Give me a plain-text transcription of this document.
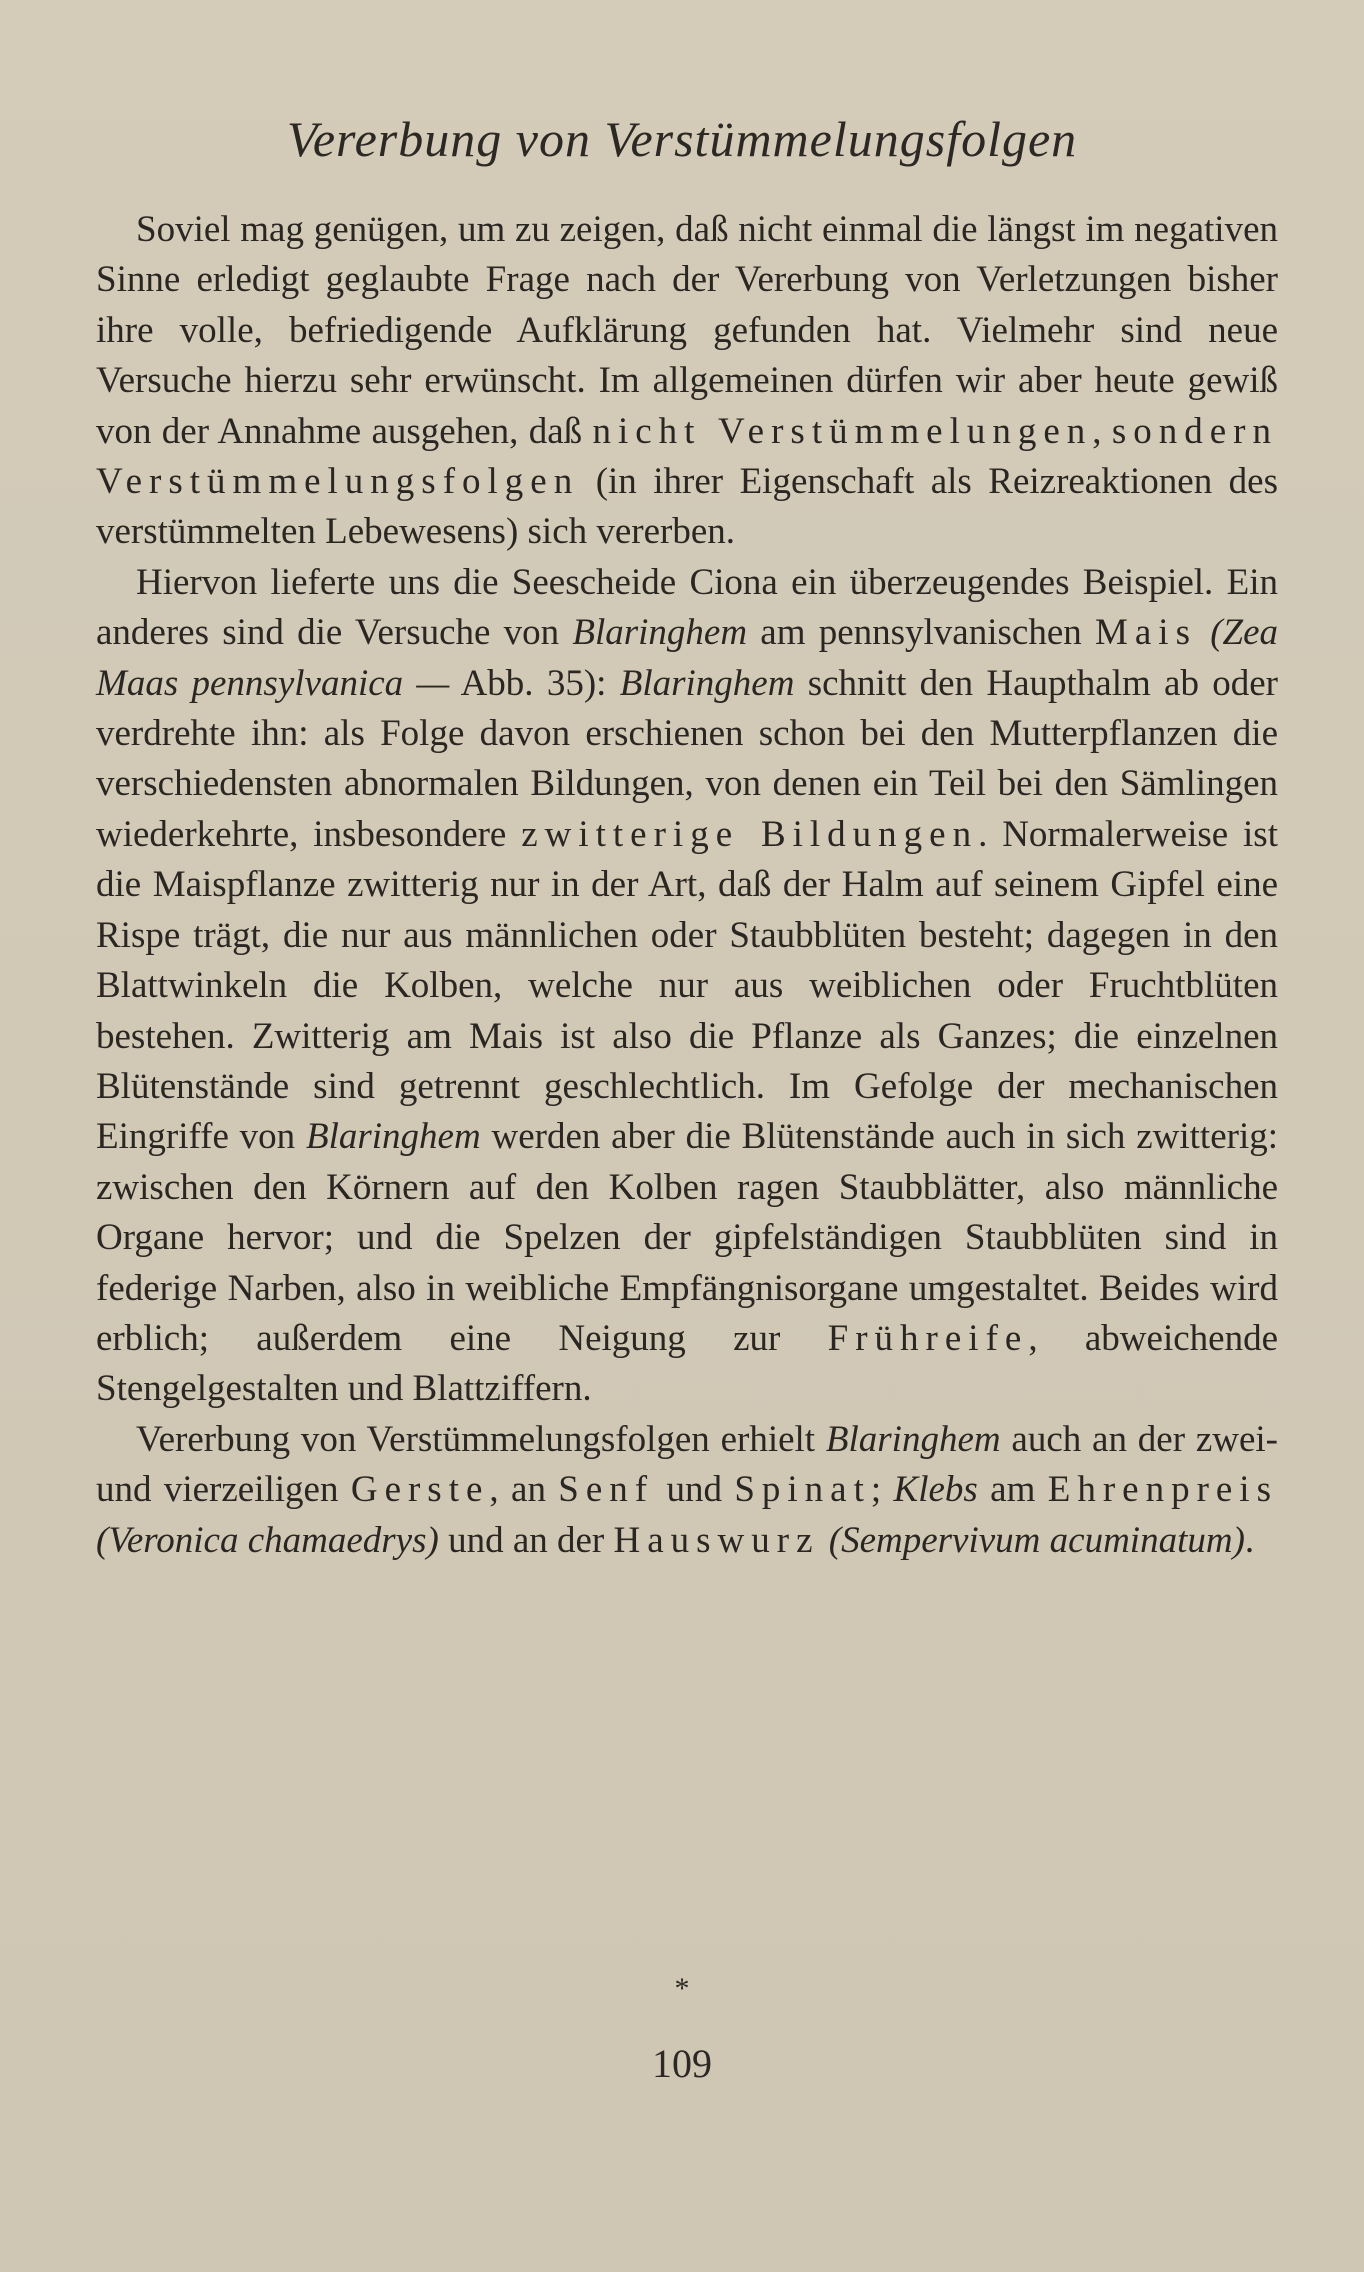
Vererbung von Verstümmelungsfolgen

Soviel mag genügen, um zu zeigen, daß nicht einmal die längst im negativen Sinne erledigt geglaubte Frage nach der Vererbung von Verletzungen bisher ihre volle, befriedigende Aufklärung gefunden hat. Vielmehr sind neue Versuche hierzu sehr erwünscht. Im allgemeinen dürfen wir aber heute gewiß von der Annahme ausgehen, daß nicht Verstümmelungen, sondern Verstümmelungsfolgen (in ihrer Eigenschaft als Reizreaktionen des verstümmelten Lebewesens) sich vererben.

Hiervon lieferte uns die Seescheide Ciona ein überzeugendes Beispiel. Ein anderes sind die Versuche von Blaringhem am pennsylvanischen Mais (Zea Maas pennsylvanica — Abb. 35): Blaringhem schnitt den Haupthalm ab oder verdrehte ihn: als Folge davon erschienen schon bei den Mutterpflanzen die verschiedensten abnormalen Bildungen, von denen ein Teil bei den Sämlingen wiederkehrte, insbesondere zwitterige Bildungen. Normalerweise ist die Maispflanze zwitterig nur in der Art, daß der Halm auf seinem Gipfel eine Rispe trägt, die nur aus männlichen oder Staubblüten besteht; dagegen in den Blattwinkeln die Kolben, welche nur aus weiblichen oder Fruchtblüten bestehen. Zwitterig am Mais ist also die Pflanze als Ganzes; die einzelnen Blütenstände sind getrennt geschlechtlich. Im Gefolge der mechanischen Eingriffe von Blaringhem werden aber die Blütenstände auch in sich zwitterig: zwischen den Körnern auf den Kolben ragen Staubblätter, also männliche Organe hervor; und die Spelzen der gipfelständigen Staubblüten sind in federige Narben, also in weibliche Empfängnisorgane umgestaltet. Beides wird erblich; außerdem eine Neigung zur Frühreife, abweichende Stengelgestalten und Blattziffern.

Vererbung von Verstümmelungsfolgen erhielt Blaringhem auch an der zwei- und vierzeiligen Gerste, an Senf und Spinat; Klebs am Ehrenpreis (Veronica chamaedrys) und an der Hauswurz (Sempervivum acuminatum).

*
109
